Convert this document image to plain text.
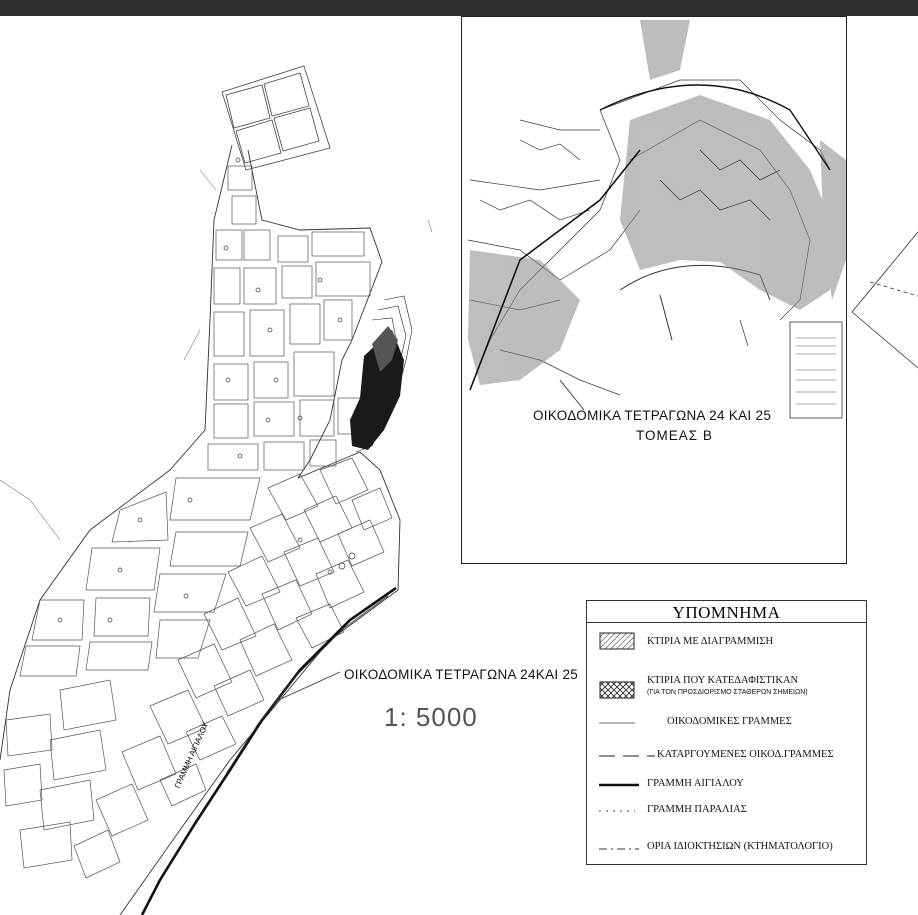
ΟΙΚΟΔΟΜΙΚΑ ΤΕΤΡΑΓΩΝΑ 24ΚΑΙ 25
1: 5000
ΓΡΑΜΜΗ ΑΙΓΙΑΛΟΥ
ΟΙΚΟΔΟΜΙΚΑ ΤΕΤΡΑΓΩΝΑ 24 ΚΑΙ 25
ΤΟΜΕΑΣ Β
ΥΠΟΜΝΗΜΑ
ΚΤΙΡΙΑ ΜΕ ΔΙΑΓΡΑΜΜΙΣΗ
ΚΤΙΡΙΑ ΠΟΥ ΚΑΤΕΔΑΦΙΣΤΙΚΑΝ
(ΓΙΑ ΤΟΝ ΠΡΟΣΔΙΟΡΙΣΜΟ ΣΤΑΘΕΡΩΝ ΣΗΜΕΙΩΝ)
ΟΙΚΟΔΟΜΙΚΕΣ ΓΡΑΜΜΕΣ
ΚΑΤΑΡΓΟΥΜΕΝΕΣ ΟΙΚΟΔ.ΓΡΑΜΜΕΣ
ΓΡΑΜΜΗ ΑΙΓΙΑΛΟΥ
ΓΡΑΜΜΗ ΠΑΡΑΛΙΑΣ
ΟΡΙΑ ΙΔΙΟΚΤΗΣΙΩΝ (ΚΤΗΜΑΤΟΛΟΓΙΟ)
